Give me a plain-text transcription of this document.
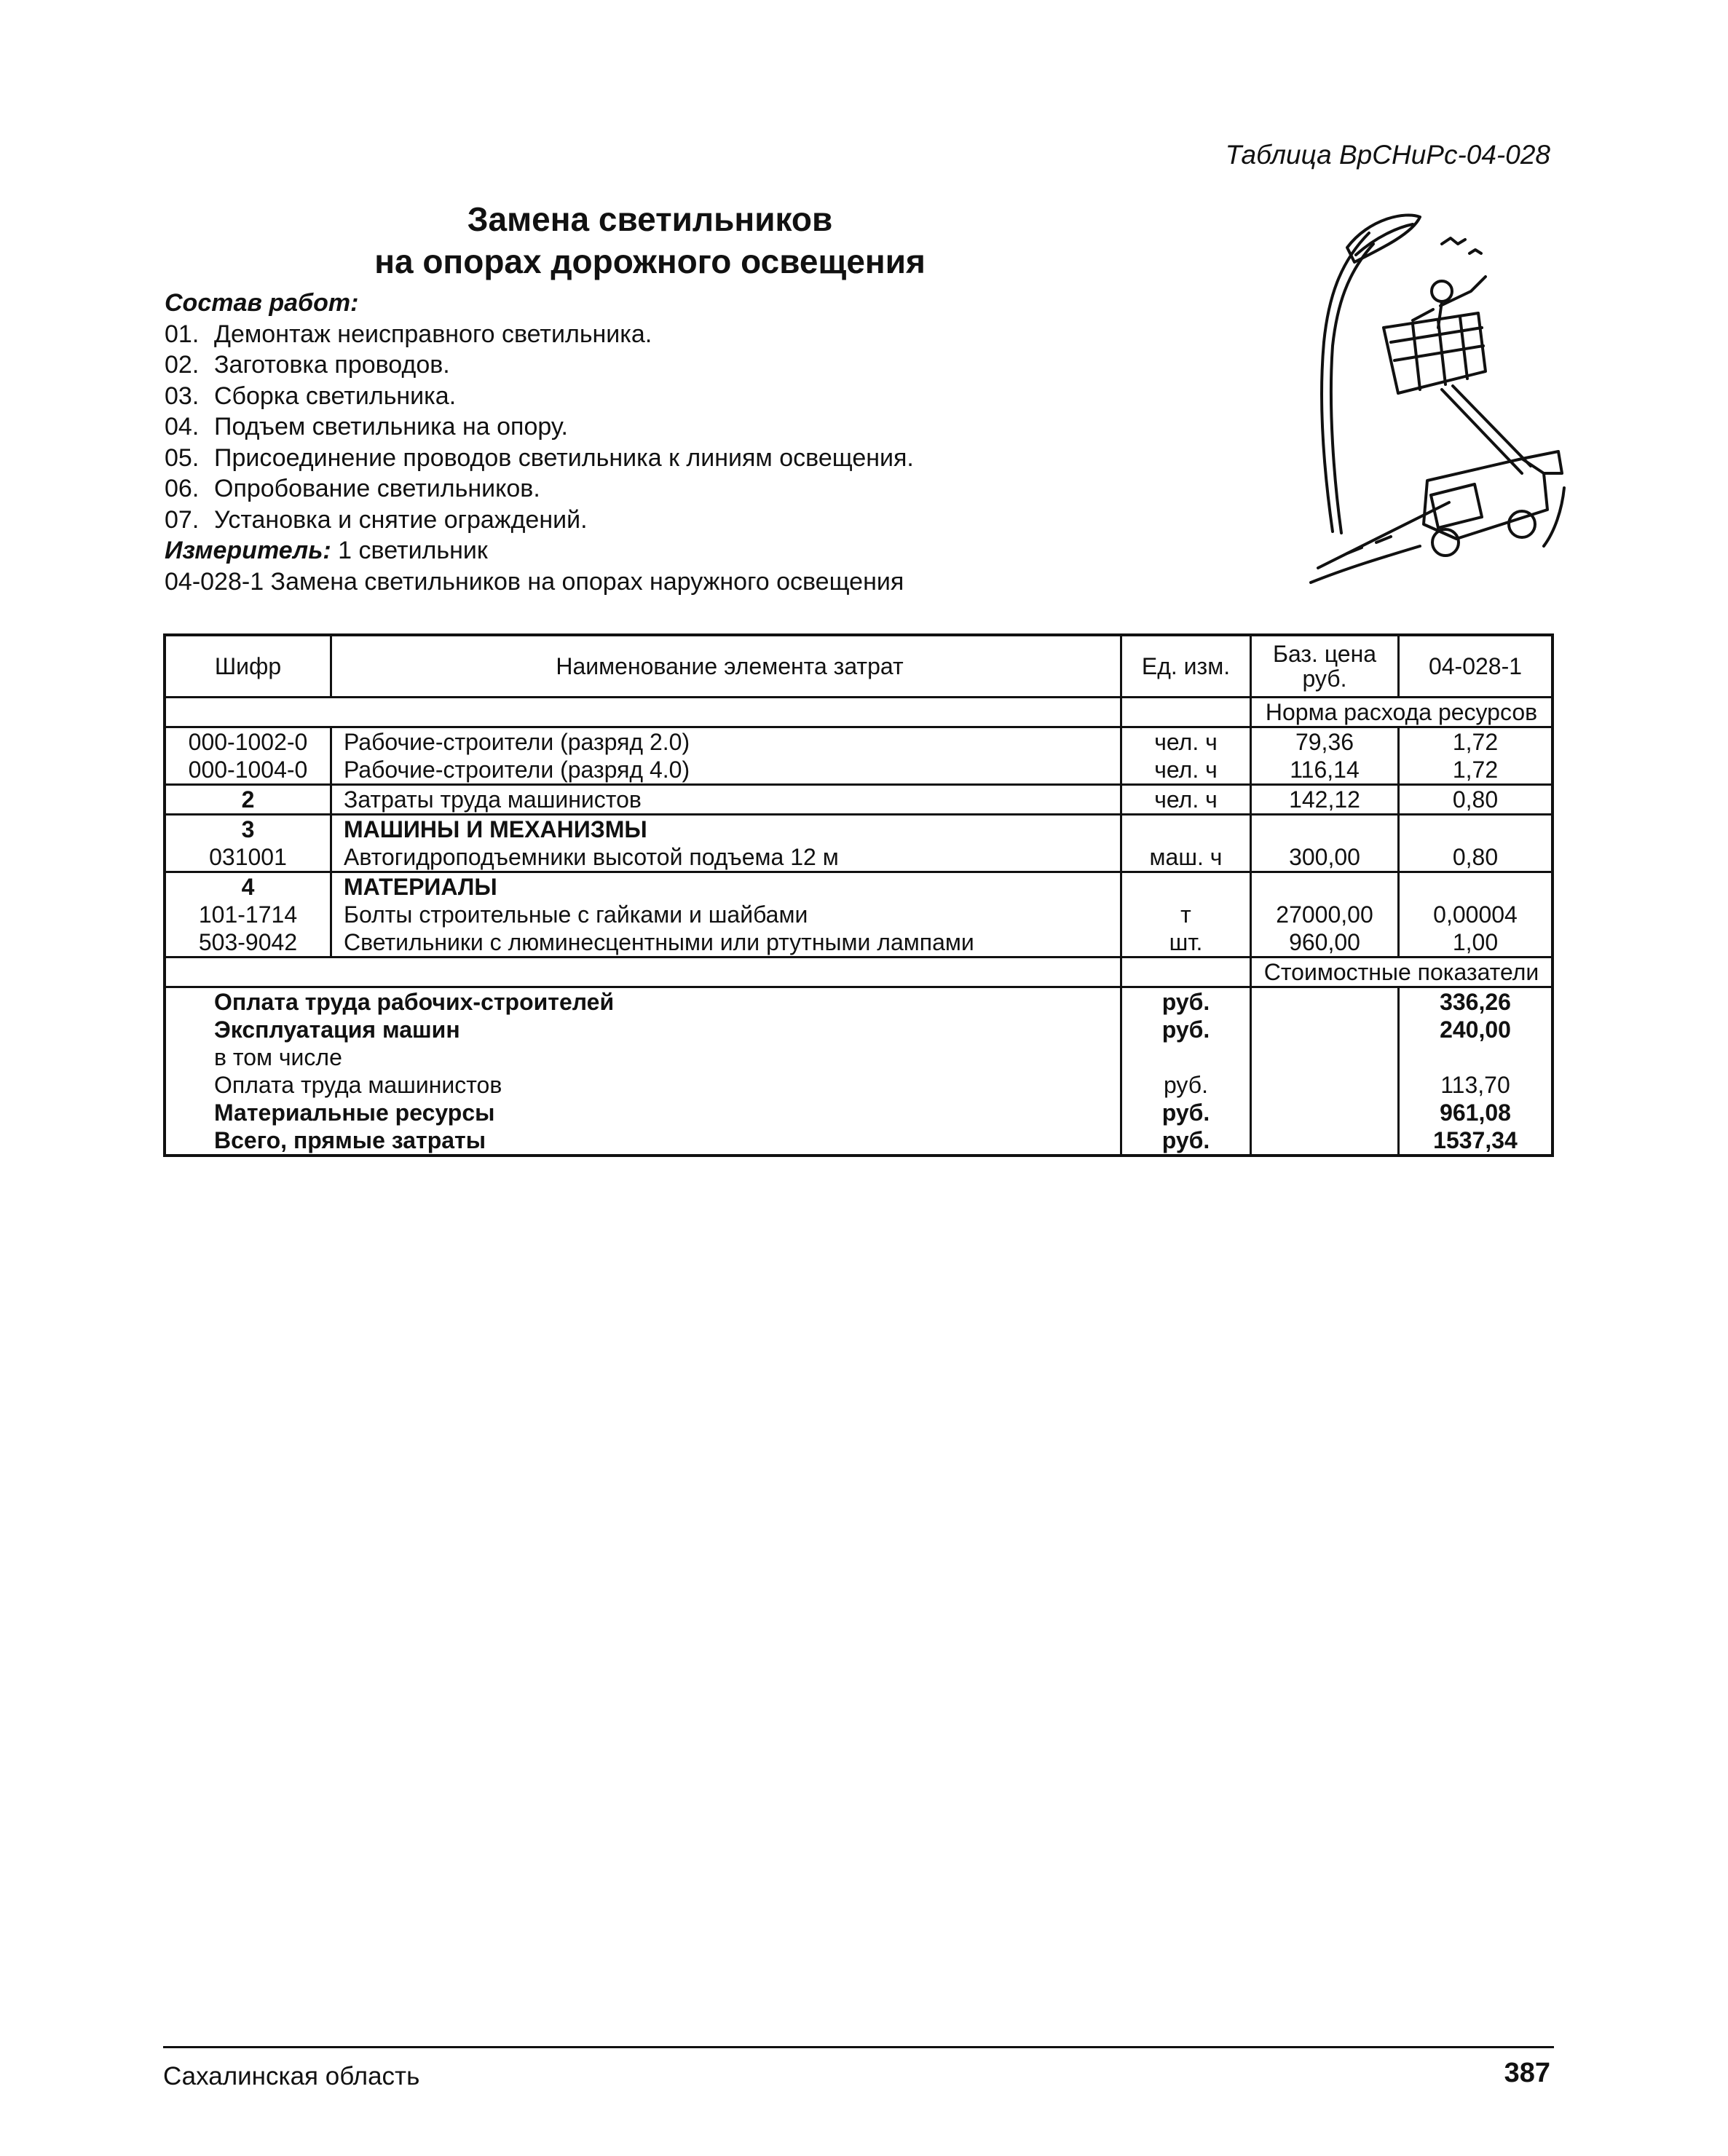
Таблица ВрСНиРс-04-028
Замена светильников
на опорах дорожного освещения
Состав работ:
01. Демонтаж неисправного светильника.
02. Заготовка проводов.
03. Сборка светильника.
04. Подъем светильника на опору.
05. Присоединение проводов светильника к линиям освещения.
06. Опробование светильников.
07. Установка и снятие ограждений.
Измеритель: 1 светильник
04-028-1 Замена светильников на опорах наружного освещения
Шифр	Наименование элемента затрат	Ед. изм.	Баз. цена руб.	04-028-1
			Норма расхода ресурсов	
000-1002-0	Рабочие-строители (разряд 2.0)	чел. ч	79,36	1,72
000-1004-0	Рабочие-строители (разряд 4.0)	чел. ч	116,14	1,72
2	Затраты труда машинистов	чел. ч	142,12	0,80
3	МАШИНЫ И МЕХАНИЗМЫ			
031001	Автогидроподъемники высотой подъема 12 м	маш. ч	300,00	0,80
4	МАТЕРИАЛЫ			
101-1714	Болты строительные с гайками и шайбами	т	27000,00	0,00004
503-9042	Светильники с люминесцентными или ртутными лампами	шт.	960,00	1,00
			Стоимостные показатели	
Оплата труда рабочих-строителей		руб.		336,26
Эксплуатация машин		руб.		240,00
в том числе				
Оплата труда машинистов		руб.		113,70
Материальные ресурсы		руб.		961,08
Всего, прямые затраты		руб.		1537,34
Сахалинская область	387
